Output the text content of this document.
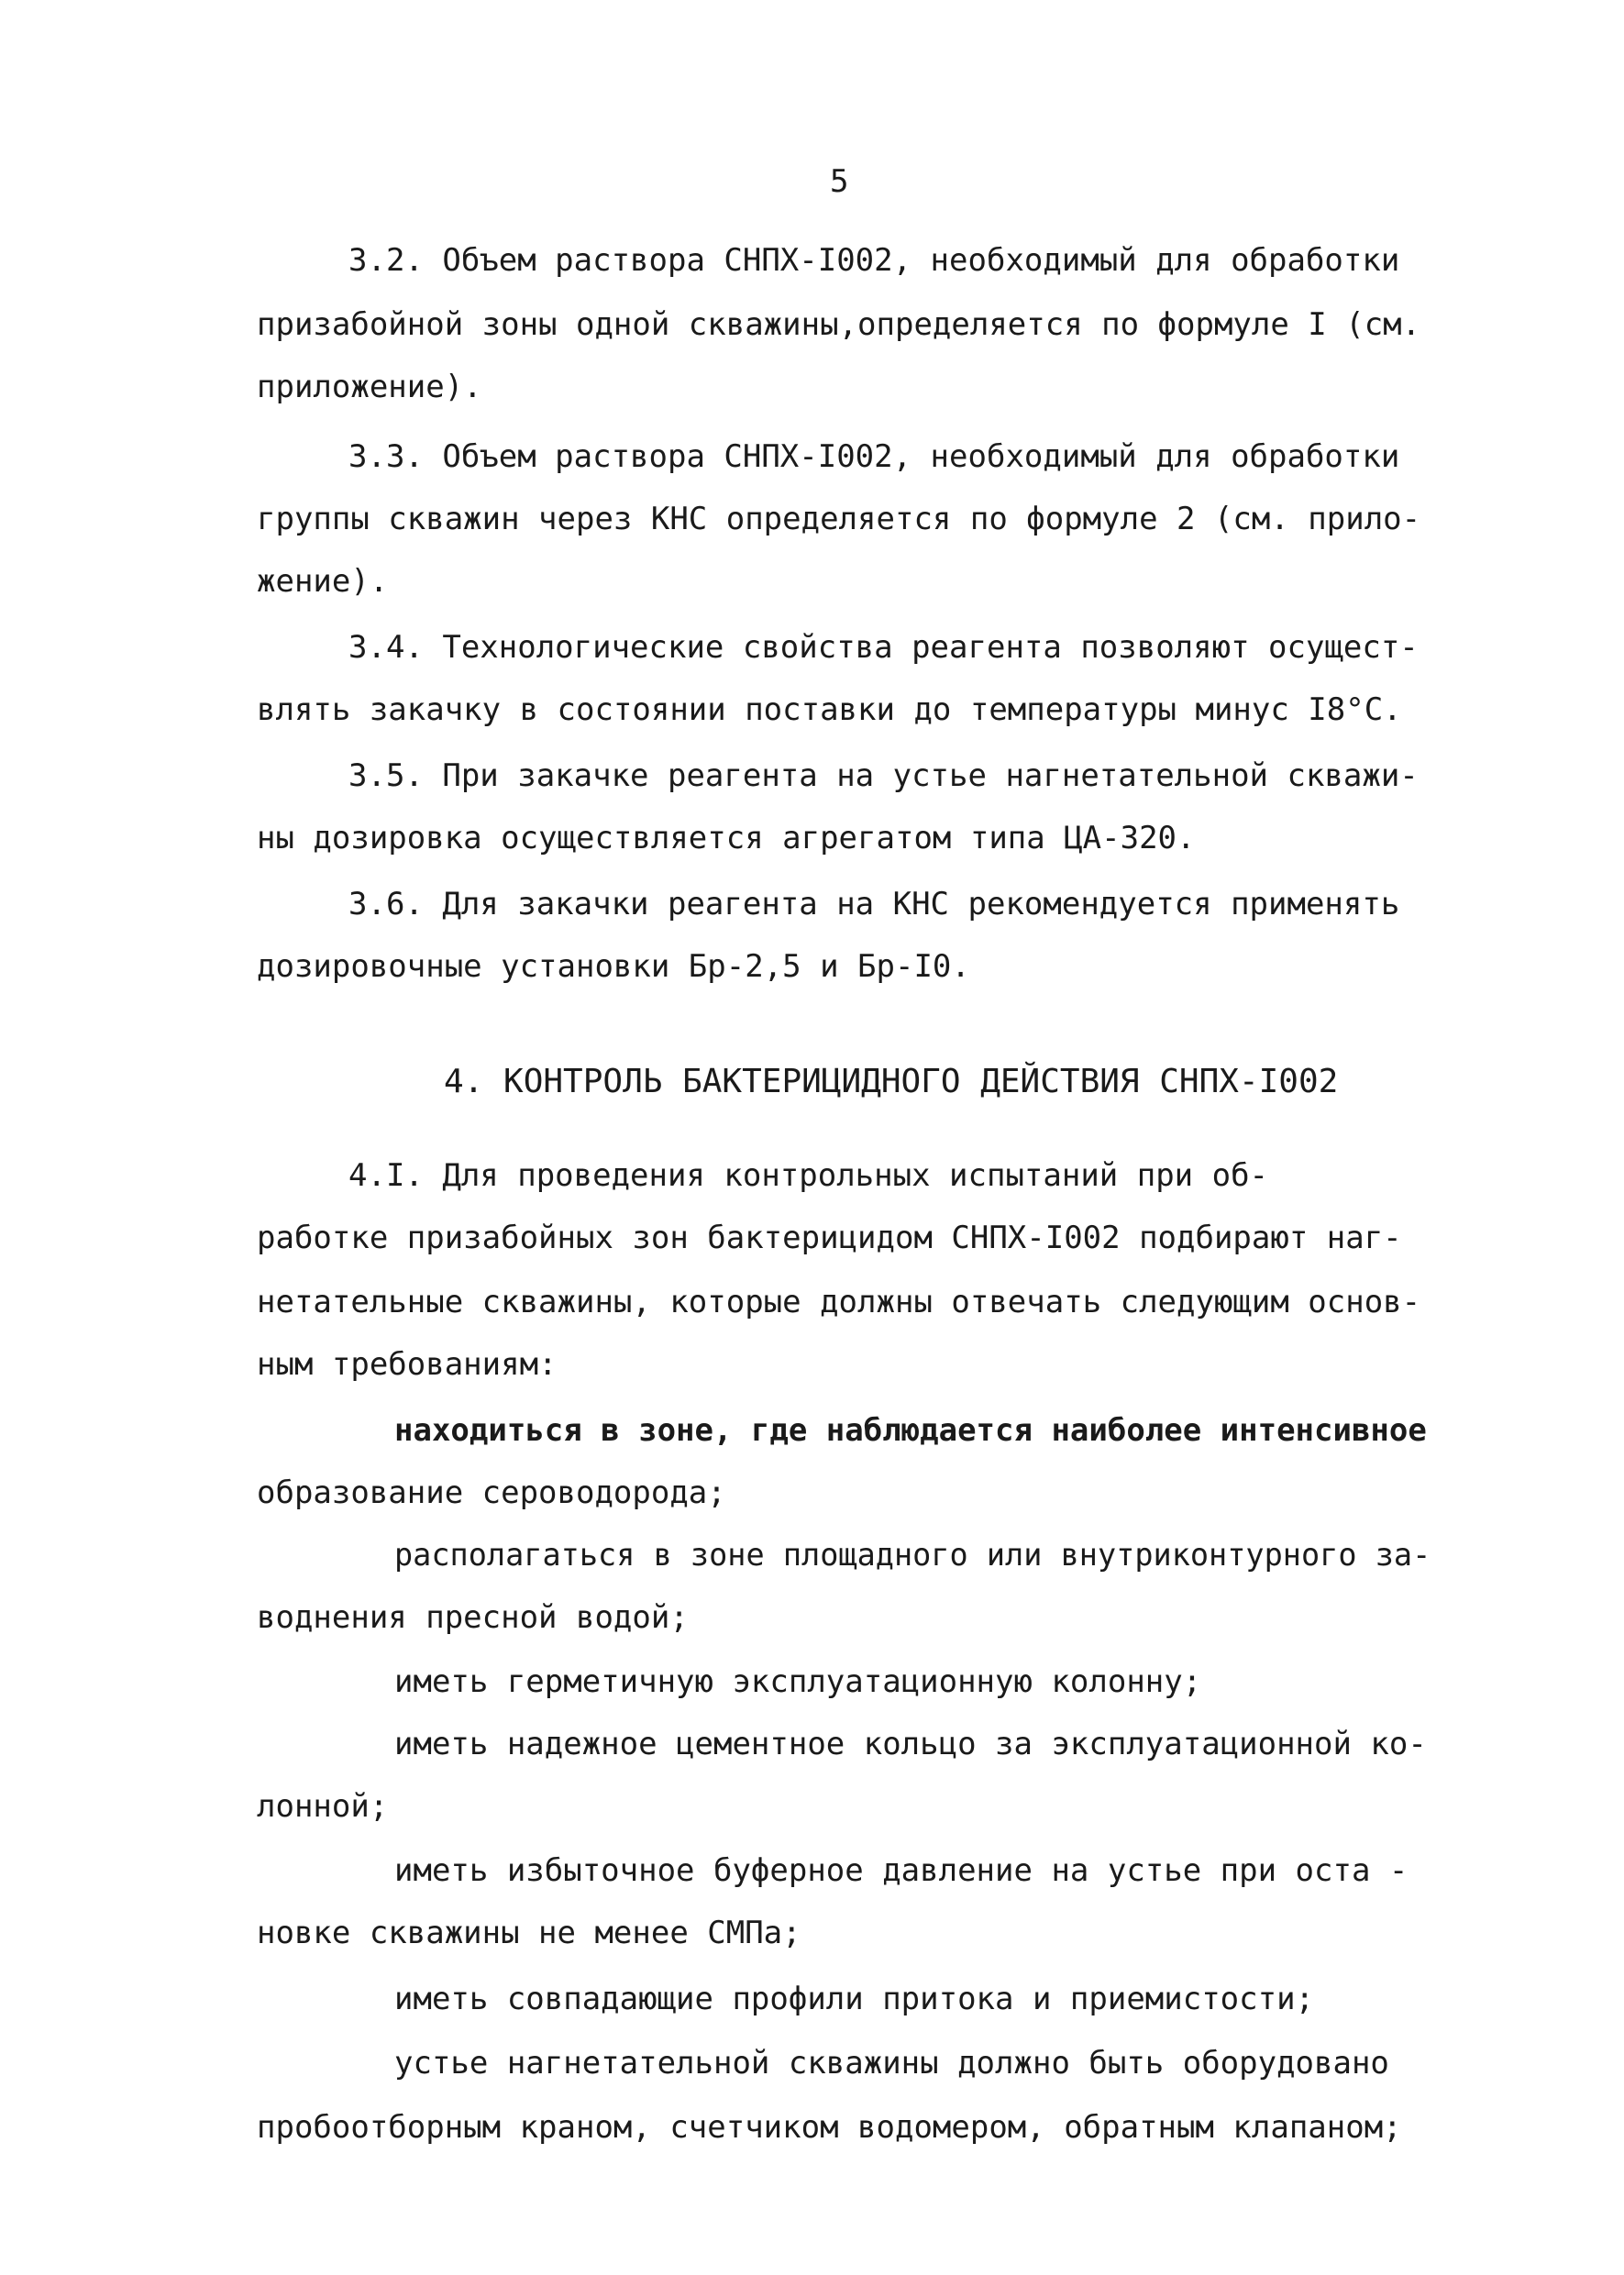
5
3.2. Объем раствора СНПХ-I002, необходимый для обработки
призабойной зоны одной скважины,определяется по формуле I (см.
приложение).
3.3. Объем раствора СНПХ-I002, необходимый для обработки
группы скважин через КНС определяется по формуле 2 (см. прило-
жение).
3.4. Технологические свойства реагента позволяют осущест-
влять закачку в состоянии поставки до температуры минус I8°С.
3.5. При закачке реагента на устье нагнетательной скважи-
ны дозировка осуществляется агрегатом типа ЦА-320.
3.6. Для закачки реагента на КНС рекомендуется применять
дозировочные установки Бр-2,5 и Бр-I0.
4. КОНТРОЛЬ БАКТЕРИЦИДНОГО ДЕЙСТВИЯ СНПХ-I002
4.I. Для проведения контрольных испытаний при об-
работке призабойных зон бактерицидом СНПХ-I002 подбирают наг-
нетательные скважины, которые должны отвечать следующим основ-
ным требованиям:
находиться в зоне, где наблюдается наиболее интенсивное
образование сероводорода;
располагаться в зоне площадного или внутриконтурного за-
воднения пресной водой;
иметь герметичную эксплуатационную колонну;
иметь надежное цементное кольцо за эксплуатационной ко-
лонной;
иметь избыточное буферное давление на устье при оста -
новке скважины не менее СМПа;
иметь совпадающие профили притока и приемистости;
устье нагнетательной скважины должно быть оборудовано
пробоотборным краном, счетчиком водомером, обратным клапаном;
